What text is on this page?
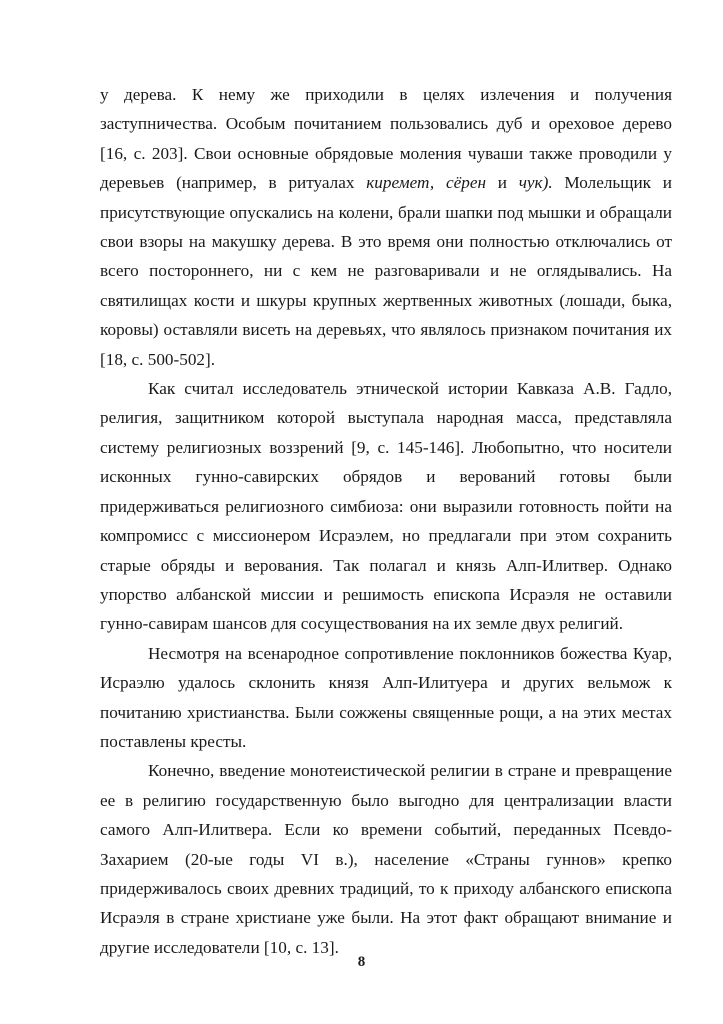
у дерева. К нему же приходили в целях излечения и получения заступничества. Особым почитанием пользовались дуб и ореховое дерево [16, с. 203]. Свои основные обрядовые моления чуваши также проводили у деревьев (например, в ритуалах киремет, сёрен и чук). Молельщик и присутствующие опускались на колени, брали шапки под мышки и обращали свои взоры на макушку дерева. В это время они полностью отключались от всего постороннего, ни с кем не разговаривали и не оглядывались. На святилищах кости и шкуры крупных жертвенных животных (лошади, быка, коровы) оставляли висеть на деревьях, что являлось признаком почитания их [18, с. 500-502].

Как считал исследователь этнической истории Кавказа А.В. Гадло, религия, защитником которой выступала народная масса, представляла систему религиозных воззрений [9, с. 145-146]. Любопытно, что носители исконных гунно-савирских обрядов и верований готовы были придерживаться религиозного симбиоза: они выразили готовность пойти на компромисс с миссионером Исраэлем, но предлагали при этом сохранить старые обряды и верования. Так полагал и князь Алп-Илитвер. Однако упорство албанской миссии и решимость епископа Исраэля не оставили гунно-савирам шансов для сосуществования на их земле двух религий.

Несмотря на всенародное сопротивление поклонников божества Куар, Исраэлю удалось склонить князя Алп-Илитуера и других вельмож к почитанию христианства. Были сожжены священные рощи, а на этих местах поставлены кресты.

Конечно, введение монотеистической религии в стране и превращение ее в религию государственную было выгодно для централизации власти самого Алп-Илитвера. Если ко времени событий, переданных Псевдо-Захарием (20-ые годы VI в.), население «Страны гуннов» крепко придерживалось своих древних традиций, то к приходу албанского епископа Исраэля в стране христиане уже были. На этот факт обращают внимание и другие исследователи [10, с. 13].

8
